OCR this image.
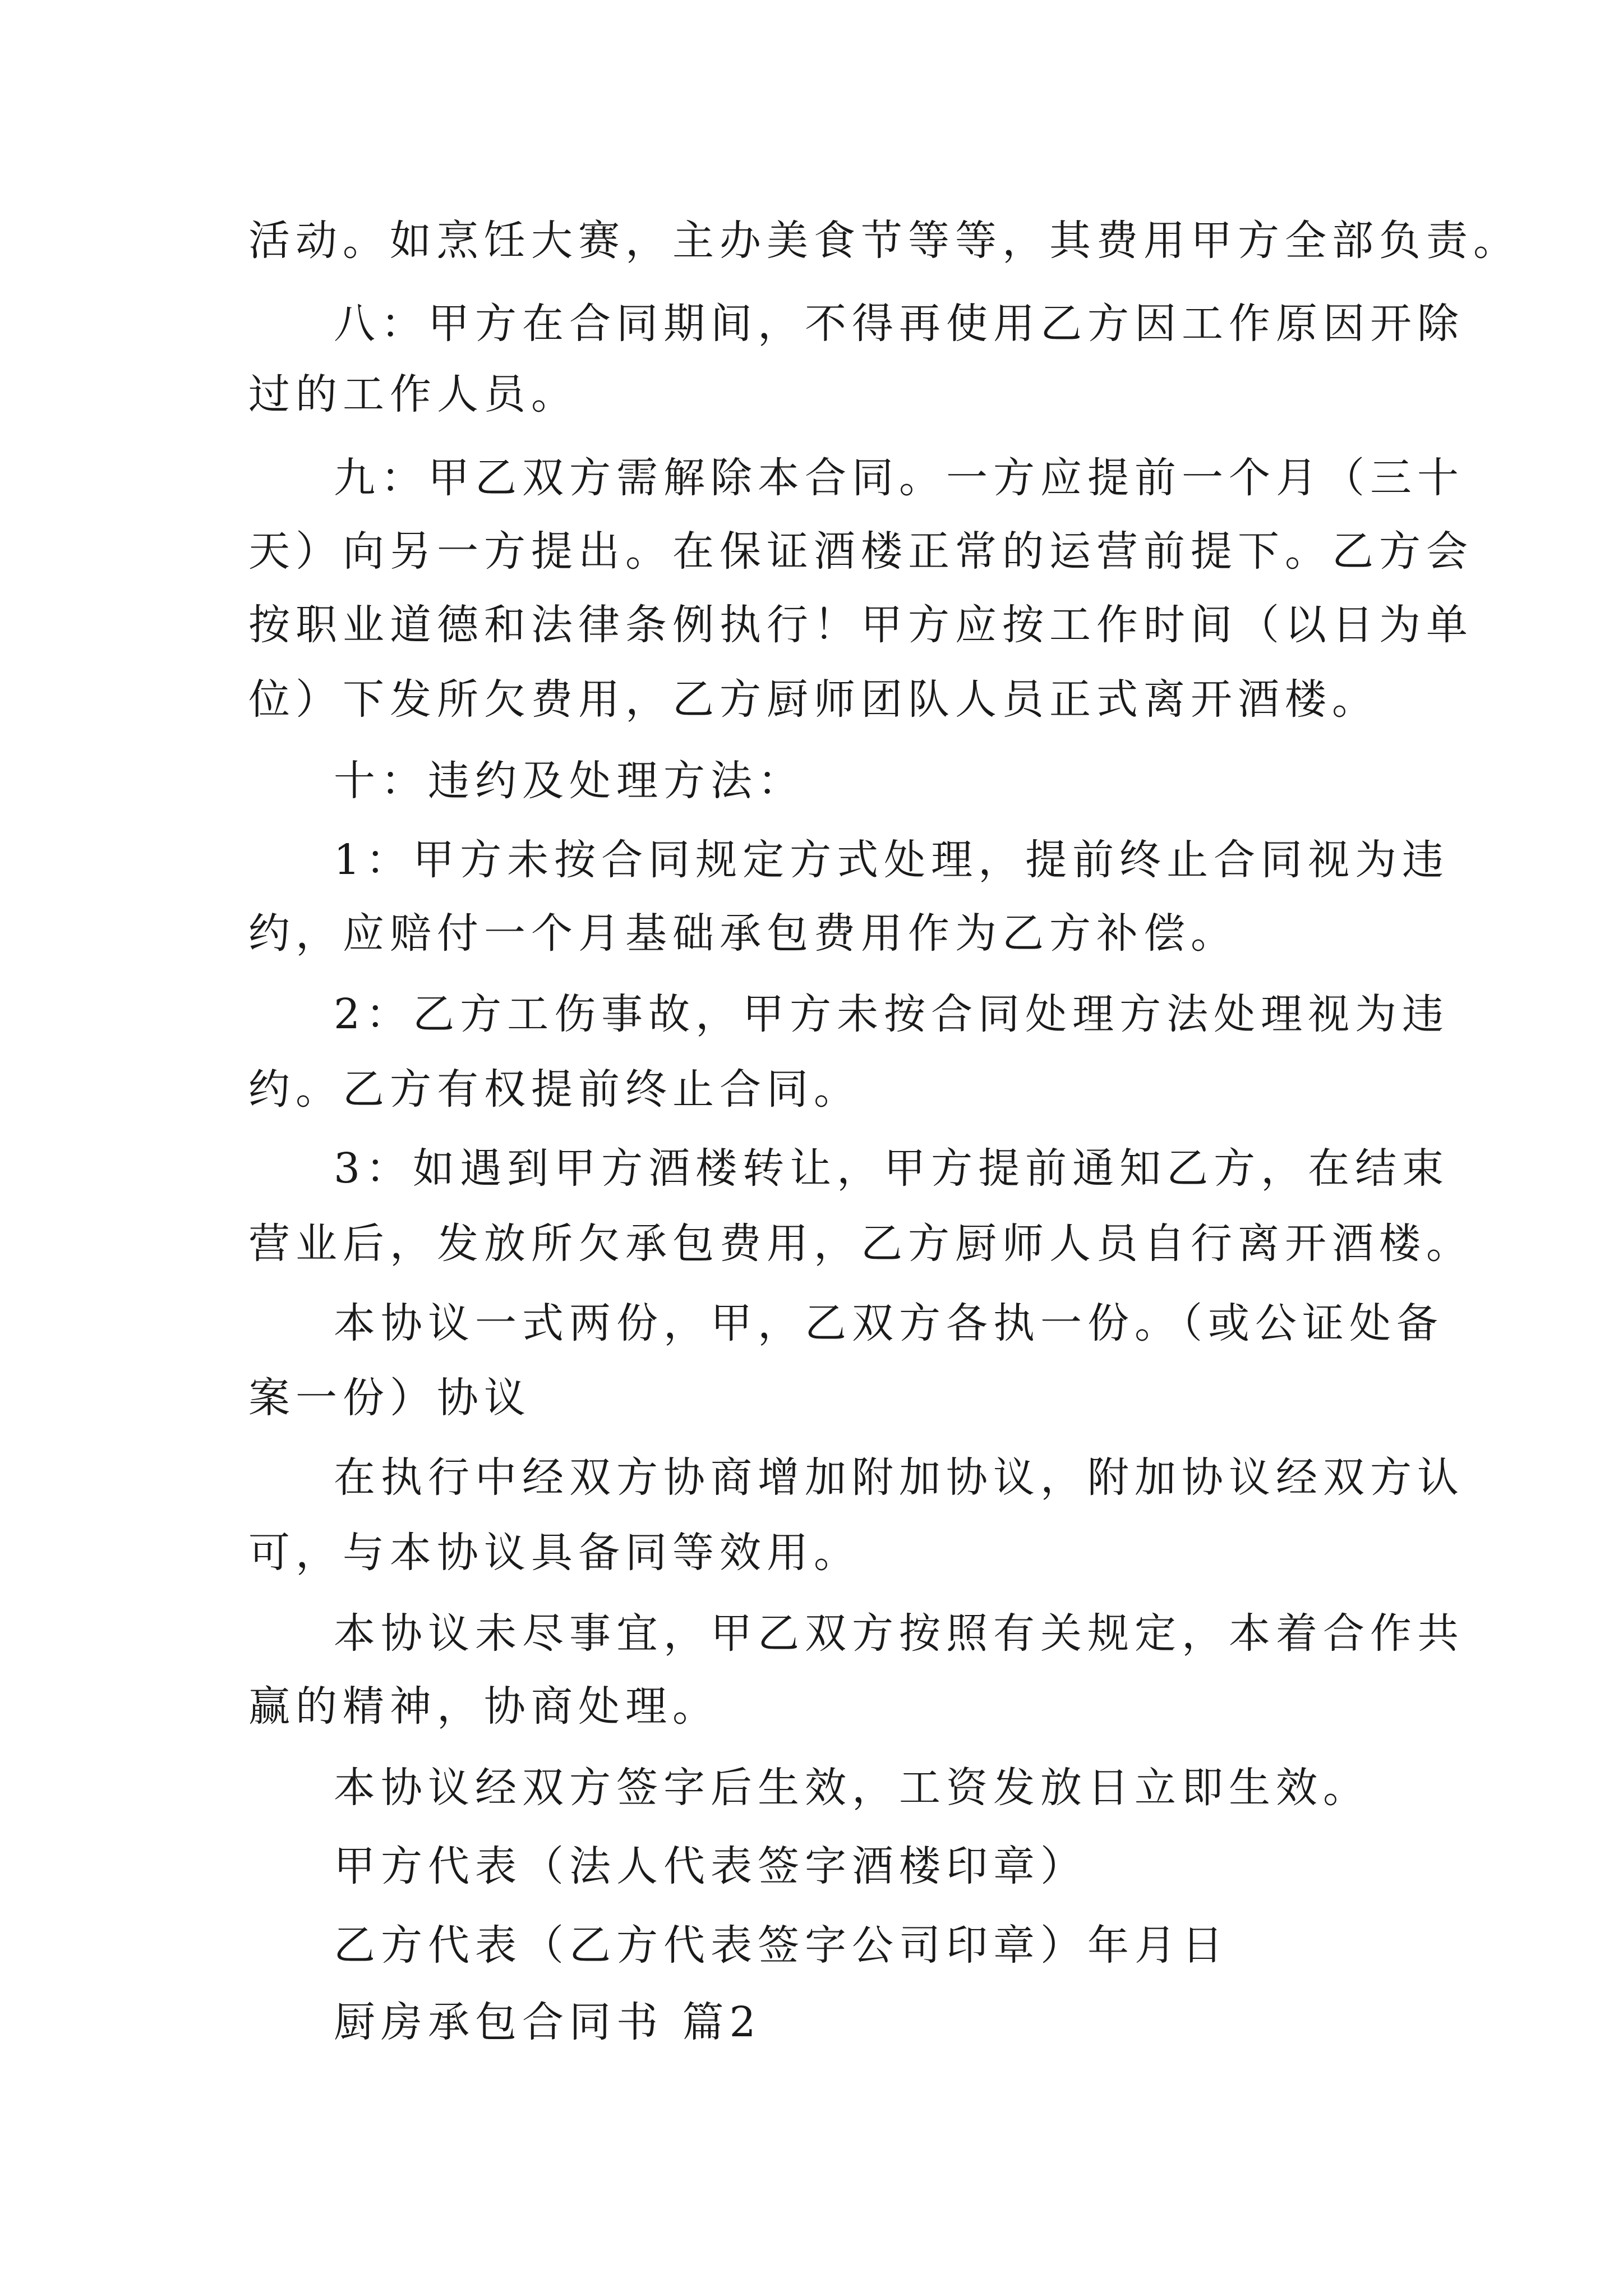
活动。如烹饪大赛，主办美食节等等，其费用甲方全部负责。

八：甲方在合同期间，不得再使用乙方因工作原因开除

过的工作人员。

九：甲乙双方需解除本合同。一方应提前一个月（三十

天）向另一方提出。在保证酒楼正常的运营前提下。乙方会

按职业道德和法律条例执行！甲方应按工作时间（以日为单

位）下发所欠费用，乙方厨师团队人员正式离开酒楼。

十：违约及处理方法：

1：甲方未按合同规定方式处理，提前终止合同视为违

约，应赔付一个月基础承包费用作为乙方补偿。

2：乙方工伤事故，甲方未按合同处理方法处理视为违

约。乙方有权提前终止合同。

3：如遇到甲方酒楼转让，甲方提前通知乙方，在结束

营业后，发放所欠承包费用，乙方厨师人员自行离开酒楼。

本协议一式两份，甲，乙双方各执一份。（或公证处备

案一份）协议

在执行中经双方协商增加附加协议，附加协议经双方认

可，与本协议具备同等效用。

本协议未尽事宜，甲乙双方按照有关规定，本着合作共

赢的精神，协商处理。

本协议经双方签字后生效，工资发放日立即生效。

甲方代表（法人代表签字酒楼印章）

乙方代表（乙方代表签字公司印章）年月日

厨房承包合同书 篇2
